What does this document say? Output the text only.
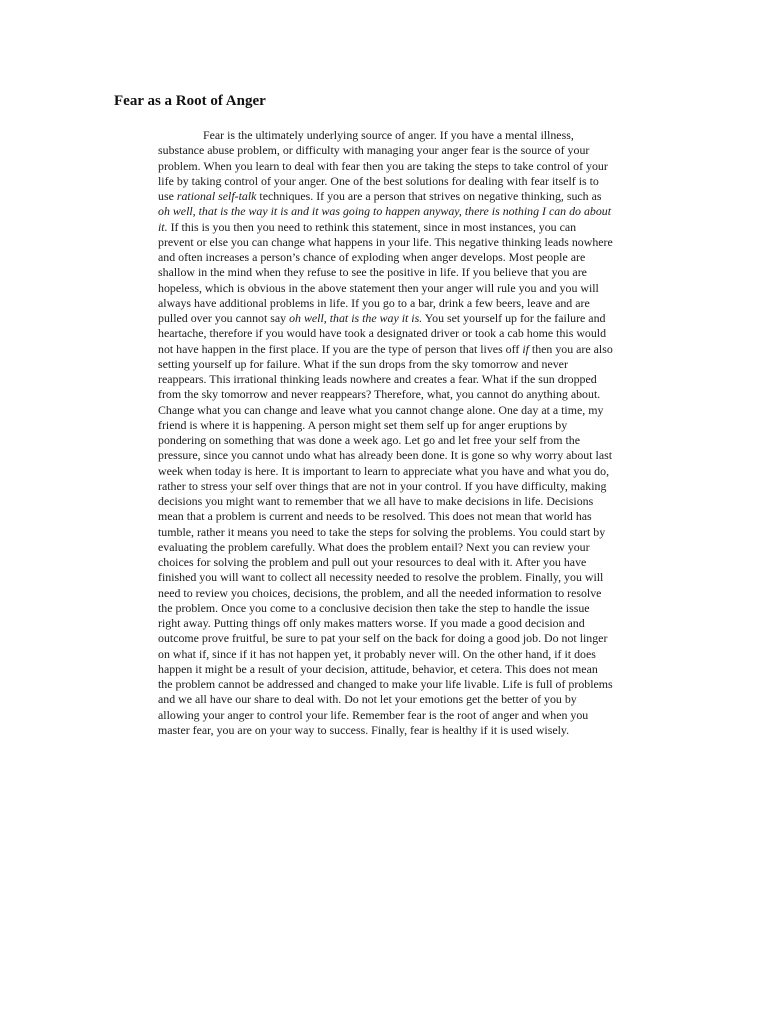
Fear as a Root of Anger

Fear is the ultimately underlying source of anger. If you have a mental illness, substance abuse problem, or difficulty with managing your anger fear is the source of your problem. When you learn to deal with fear then you are taking the steps to take control of your life by taking control of your anger. One of the best solutions for dealing with fear itself is to use rational self-talk techniques. If you are a person that strives on negative thinking, such as oh well, that is the way it is and it was going to happen anyway, there is nothing I can do about it. If this is you then you need to rethink this statement, since in most instances, you can prevent or else you can change what happens in your life. This negative thinking leads nowhere and often increases a person’s chance of exploding when anger develops. Most people are shallow in the mind when they refuse to see the positive in life. If you believe that you are hopeless, which is obvious in the above statement then your anger will rule you and you will always have additional problems in life. If you go to a bar, drink a few beers, leave and are pulled over you cannot say oh well, that is the way it is. You set yourself up for the failure and heartache, therefore if you would have took a designated driver or took a cab home this would not have happen in the first place. If you are the type of person that lives off if then you are also setting yourself up for failure. What if the sun drops from the sky tomorrow and never reappears. This irrational thinking leads nowhere and creates a fear. What if the sun dropped from the sky tomorrow and never reappears? Therefore, what, you cannot do anything about. Change what you can change and leave what you cannot change alone. One day at a time, my friend is where it is happening. A person might set them self up for anger eruptions by pondering on something that was done a week ago. Let go and let free your self from the pressure, since you cannot undo what has already been done. It is gone so why worry about last week when today is here. It is important to learn to appreciate what you have and what you do, rather to stress your self over things that are not in your control. If you have difficulty, making decisions you might want to remember that we all have to make decisions in life. Decisions mean that a problem is current and needs to be resolved. This does not mean that world has tumble, rather it means you need to take the steps for solving the problems. You could start by evaluating the problem carefully. What does the problem entail? Next you can review your choices for solving the problem and pull out your resources to deal with it. After you have finished you will want to collect all necessity needed to resolve the problem. Finally, you will need to review you choices, decisions, the problem, and all the needed information to resolve the problem. Once you come to a conclusive decision then take the step to handle the issue right away. Putting things off only makes matters worse. If you made a good decision and outcome prove fruitful, be sure to pat your self on the back for doing a good job. Do not linger on what if, since if it has not happen yet, it probably never will. On the other hand, if it does happen it might be a result of your decision, attitude, behavior, et cetera. This does not mean the problem cannot be addressed and changed to make your life livable. Life is full of problems and we all have our share to deal with. Do not let your emotions get the better of you by allowing your anger to control your life. Remember fear is the root of anger and when you master fear, you are on your way to success. Finally, fear is healthy if it is used wisely.
